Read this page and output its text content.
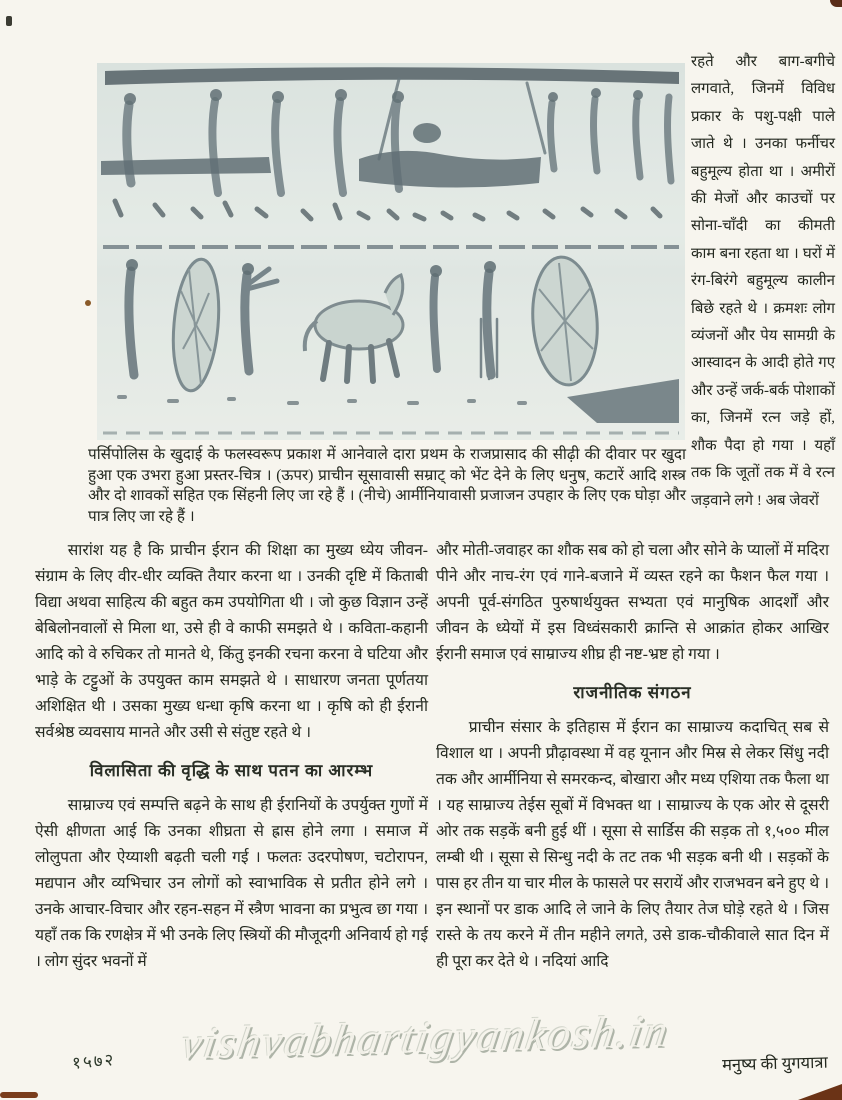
रहते और बाग-बगीचे लगवाते, जिनमें विविध प्रकार के पशु-पक्षी पाले जाते थे । उनका फर्नीचर बहुमूल्य होता था । अमीरों की मेजों और काउचों पर सोना-चाँदी का कीमती काम बना रहता था । घरों में रंग-बिरंगे बहुमूल्य कालीन बिछे रहते थे । क्रमशः लोग व्यंजनों और पेय सामग्री के आस्वादन के आदी होते गए और उन्हें जर्क-बर्क पोशाकों का, जिनमें रत्न जड़े हों, शौक पैदा हो गया । यहाँ तक कि जूतों तक में वे रत्न जड़वाने लगे ! अब जेवरों
पर्सिपोलिस के खुदाई के फलस्वरूप प्रकाश में आनेवाले दारा प्रथम के राजप्रासाद की सीढ़ी की दीवार पर खुदा हुआ एक उभरा हुआ प्रस्तर-चित्र । (ऊपर) प्राचीन सूसावासी सम्राट् को भेंट देने के लिए धनुष, कटारें आदि शस्त्र और दो शावकों सहित एक सिंहनी लिए जा रहे हैं । (नीचे) आर्मीनियावासी प्रजाजन उपहार के लिए एक घोड़ा और पात्र लिए जा रहे हैं ।

सारांश यह है कि प्राचीन ईरान की शिक्षा का मुख्य ध्येय जीवन-संग्राम के लिए वीर-धीर व्यक्ति तैयार करना था । उनकी दृष्टि में किताबी विद्या अथवा साहित्य की बहुत कम उपयोगिता थी । जो कुछ विज्ञान उन्हें बेबिलोनवालों से मिला था, उसे ही वे काफी समझते थे । कविता-कहानी आदि को वे रुचिकर तो मानते थे, किंतु इनकी रचना करना वे घटिया और भाड़े के टट्टुओं के उपयुक्त काम समझते थे । साधारण जनता पूर्णतया अशिक्षित थी । उसका मुख्य धन्धा कृषि करना था । कृषि को ही ईरानी सर्वश्रेष्ठ व्यवसाय मानते और उसी से संतुष्ट रहते थे ।

विलासिता की वृद्धि के साथ पतन का आरम्भ

साम्राज्य एवं सम्पत्ति बढ़ने के साथ ही ईरानियों के उपर्युक्त गुणों में ऐसी क्षीणता आई कि उनका शीघ्रता से ह्रास होने लगा । समाज में लोलुपता और ऐय्याशी बढ़ती चली गई । फलतः उदरपोषण, चटोरापन, मद्यपान और व्यभिचार उन लोगों को स्वाभाविक से प्रतीत होने लगे । उनके आचार-विचार और रहन-सहन में स्त्रैण भावना का प्रभुत्व छा गया । यहाँ तक कि रणक्षेत्र में भी उनके लिए स्त्रियों की मौजूदगी अनिवार्य हो गई । लोग सुंदर भवनों में

और मोती-जवाहर का शौक सब को हो चला और सोने के प्यालों में मदिरा पीने और नाच-रंग एवं गाने-बजाने में व्यस्त रहने का फैशन फैल गया । अपनी पूर्व-संगठित पुरुषार्थयुक्त सभ्यता एवं मानुषिक आदर्शों और जीवन के ध्येयों में इस विध्वंसकारी क्रान्ति से आक्रांत होकर आखिर ईरानी समाज एवं साम्राज्य शीघ्र ही नष्ट-भ्रष्ट हो गया ।

राजनीतिक संगठन

प्राचीन संसार के इतिहास में ईरान का साम्राज्य कदाचित् सब से विशाल था । अपनी प्रौढ़ावस्था में वह यूनान और मिस्र से लेकर सिंधु नदी तक और आर्मीनिया से समरकन्द, बोखारा और मध्य एशिया तक फैला था । यह साम्राज्य तेईस सूबों में विभक्त था । साम्राज्य के एक ओर से दूसरी ओर तक सड़कें बनी हुई थीं । सूसा से सार्डिस की सड़क तो १,५०० मील लम्बी थी । सूसा से सिन्धु नदी के तट तक भी सड़क बनी थी । सड़कों के पास हर तीन या चार मील के फासले पर सरायें और राजभवन बने हुए थे । इन स्थानों पर डाक आदि ले जाने के लिए तैयार तेज घोड़े रहते थे । जिस रास्ते के तय करने में तीन महीने लगते, उसे डाक-चौकीवाले सात दिन में ही पूरा कर देते थे । नदियां आदि

vishvabhartigyankosh.in
१५७२	मनुष्य की युगयात्रा
